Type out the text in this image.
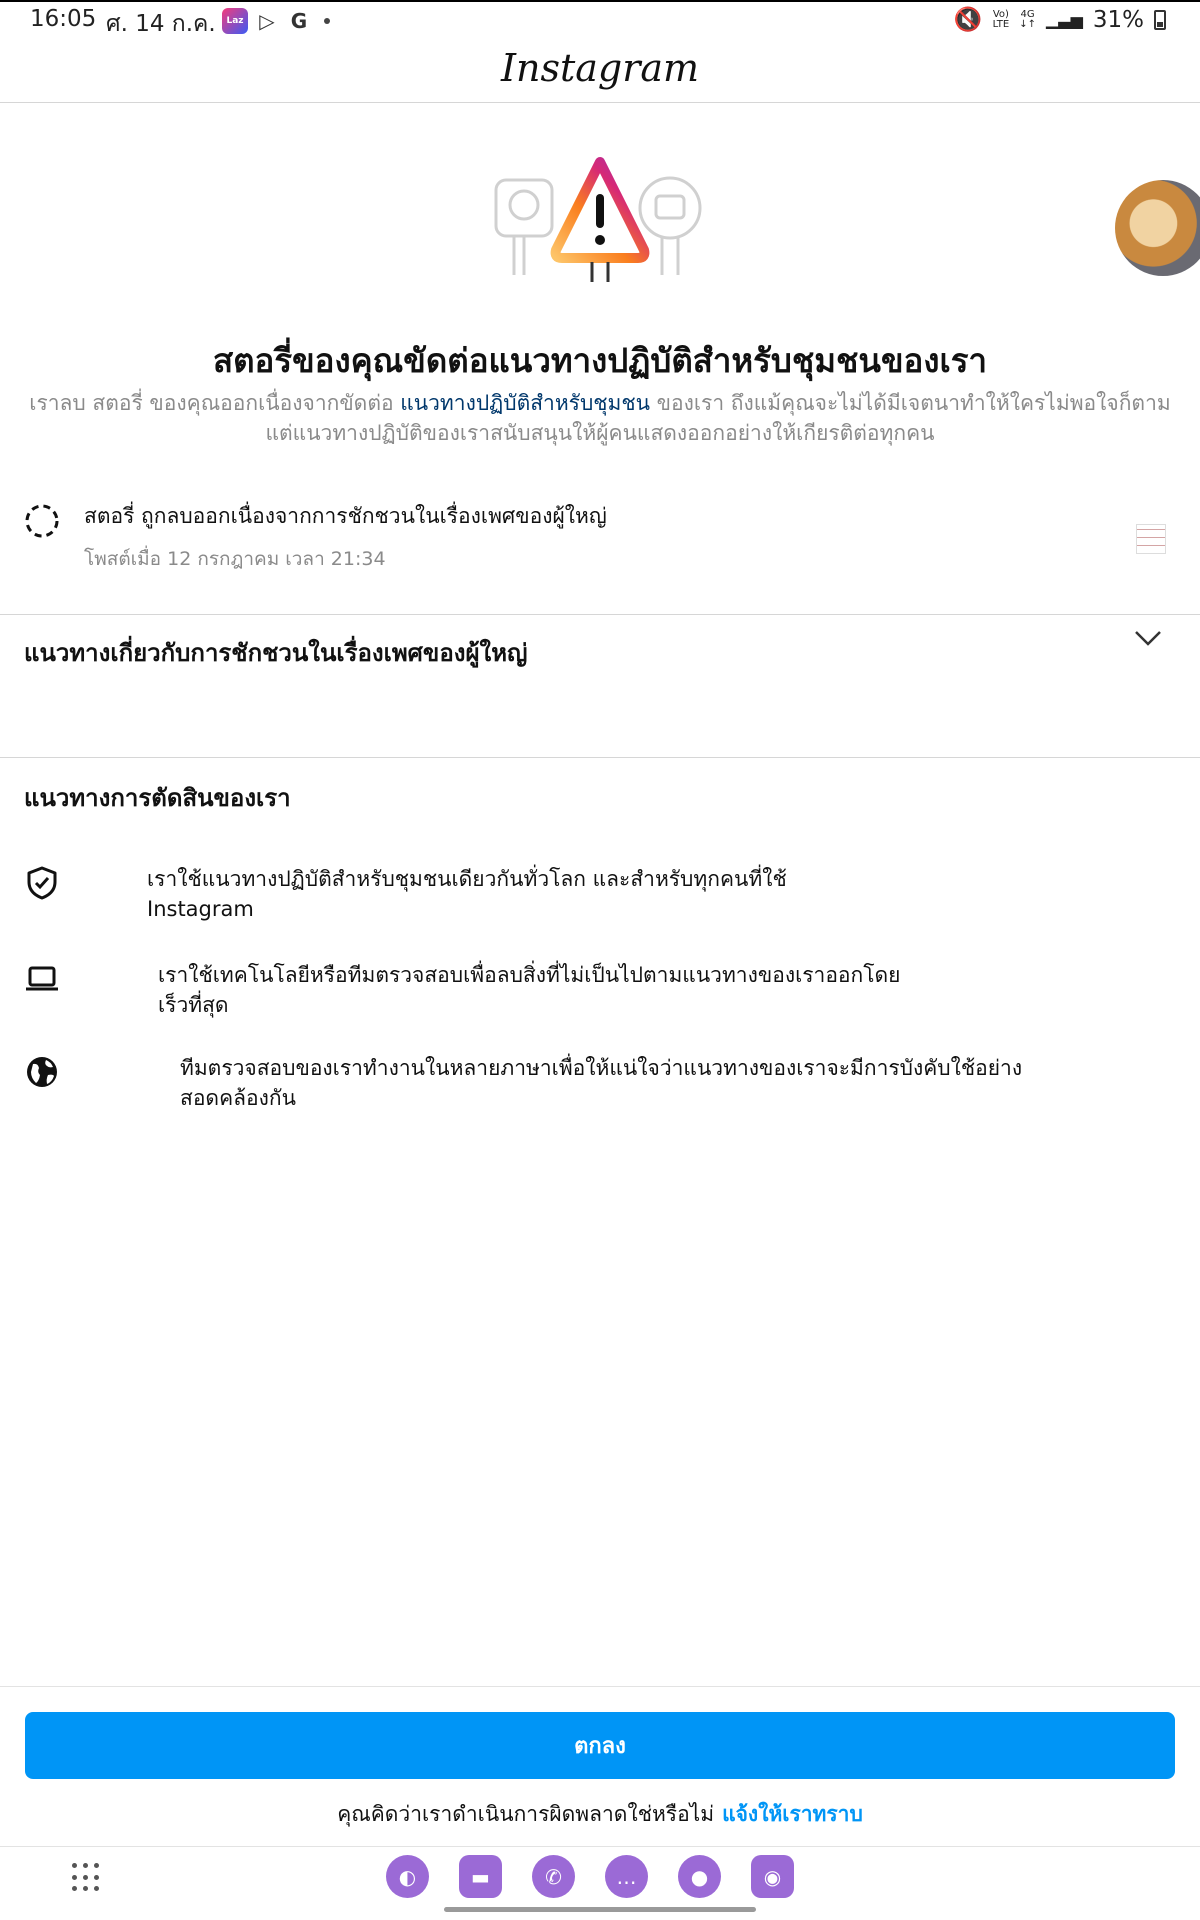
16:05 ศ. 14 ก.ค.	Laz ▷ G	🔇 Vo)
LTE
4G
↓↑ ▁▃▅ 31%
Instagram
สตอรี่ของคุณขัดต่อแนวทางปฏิบัติสำหรับชุมชนของเรา

เราลบ สตอรี่ ของคุณออกเนื่องจากขัดต่อ แนวทางปฏิบัติสำหรับชุมชน ของเรา ถึงแม้คุณจะไม่ได้มีเจตนาทำให้ใครไม่พอใจก็ตาม แต่แนวทางปฏิบัติของเราสนับสนุนให้ผู้คนแสดงออกอย่างให้เกียรติต่อทุกคน

สตอรี่ ถูกลบออกเนื่องจากการชักชวนในเรื่องเพศของผู้ใหญ่
โพสต์เมื่อ 12 กรกฎาคม เวลา 21:34
แนวทางเกี่ยวกับการชักชวนในเรื่องเพศของผู้ใหญ่
แนวทางการตัดสินของเรา
เราใช้แนวทางปฏิบัติสำหรับชุมชนเดียวกันทั่วโลก และสำหรับทุกคนที่ใช้ Instagram
เราใช้เทคโนโลยีหรือทีมตรวจสอบเพื่อลบสิ่งที่ไม่เป็นไปตามแนวทางของเราออกโดยเร็วที่สุด
ทีมตรวจสอบของเราทำงานในหลายภาษาเพื่อให้แน่ใจว่าแนวทางของเราจะมีการบังคับใช้อย่างสอดคล้องกัน
ตกลง
คุณคิดว่าเราดำเนินการผิดพลาดใช่หรือไม่ แจ้งให้เราทราบ
◐	▬	✆	…	●	◉
